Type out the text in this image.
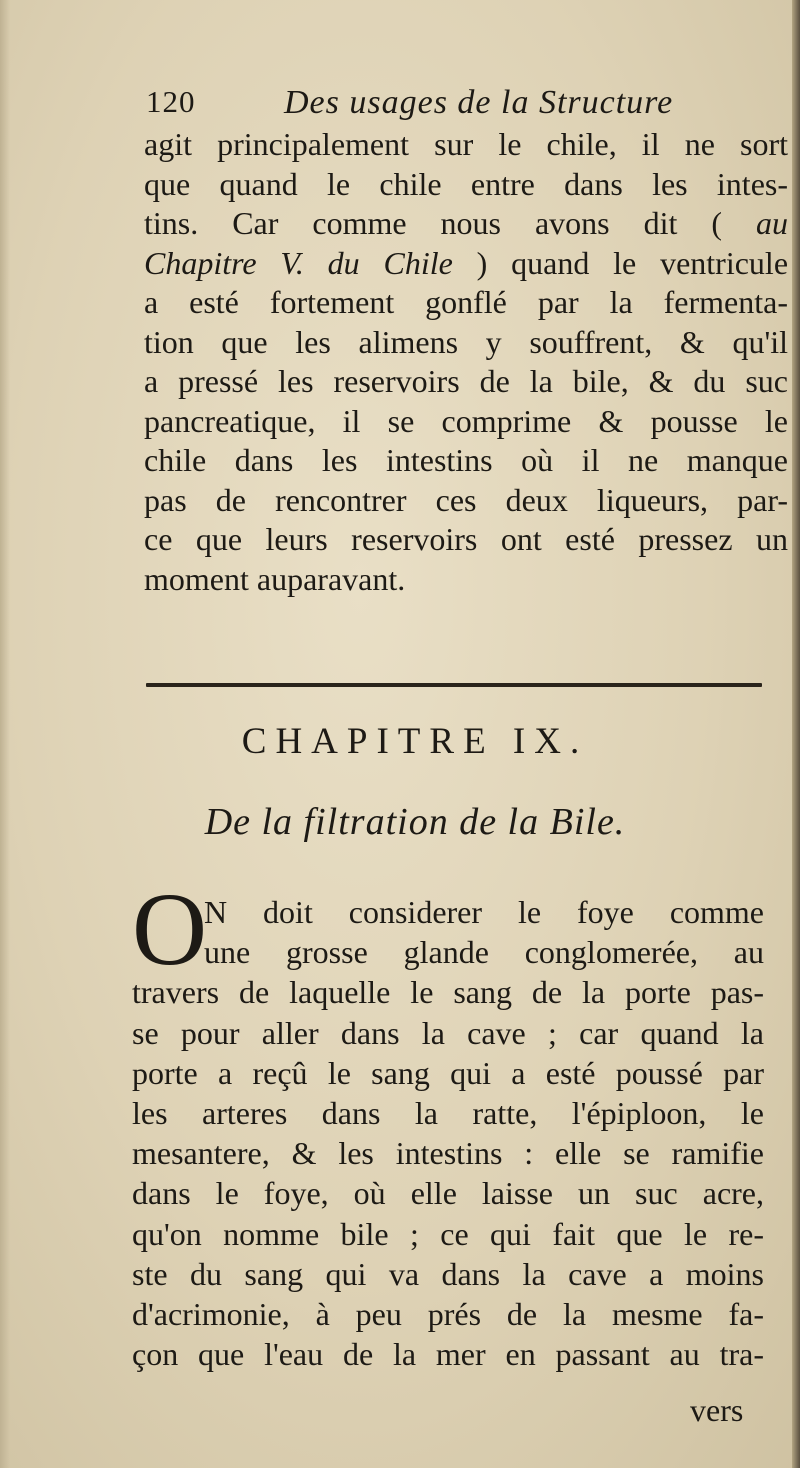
120	Des usages de la Structure
agit principalement sur le chile, il ne sort
que quand le chile entre dans les intes-
tins. Car comme nous avons dit ( au
Chapitre V. du Chile ) quand le ventricule
a esté fortement gonflé par la fermenta-
tion que les alimens y souffrent, & qu'il
a pressé les reservoirs de la bile, & du suc
pancreatique, il se comprime & pousse le
chile dans les intestins où il ne manque
pas de rencontrer ces deux liqueurs, par-
ce que leurs reservoirs ont esté pressez un
moment auparavant.
CHAPITRE IX.
De la filtration de la Bile.
O
N doit considerer le foye comme
une grosse glande conglomerée, au
travers de laquelle le sang de la porte pas-
se pour aller dans la cave ; car quand la
porte a reçû le sang qui a esté poussé par
les arteres dans la ratte, l'épiploon, le
mesantere, & les intestins : elle se ramifie
dans le foye, où elle laisse un suc acre,
qu'on nomme bile ; ce qui fait que le re-
ste du sang qui va dans la cave a moins
d'acrimonie, à peu prés de la mesme fa-
çon que l'eau de la mer en passant au tra-
vers
